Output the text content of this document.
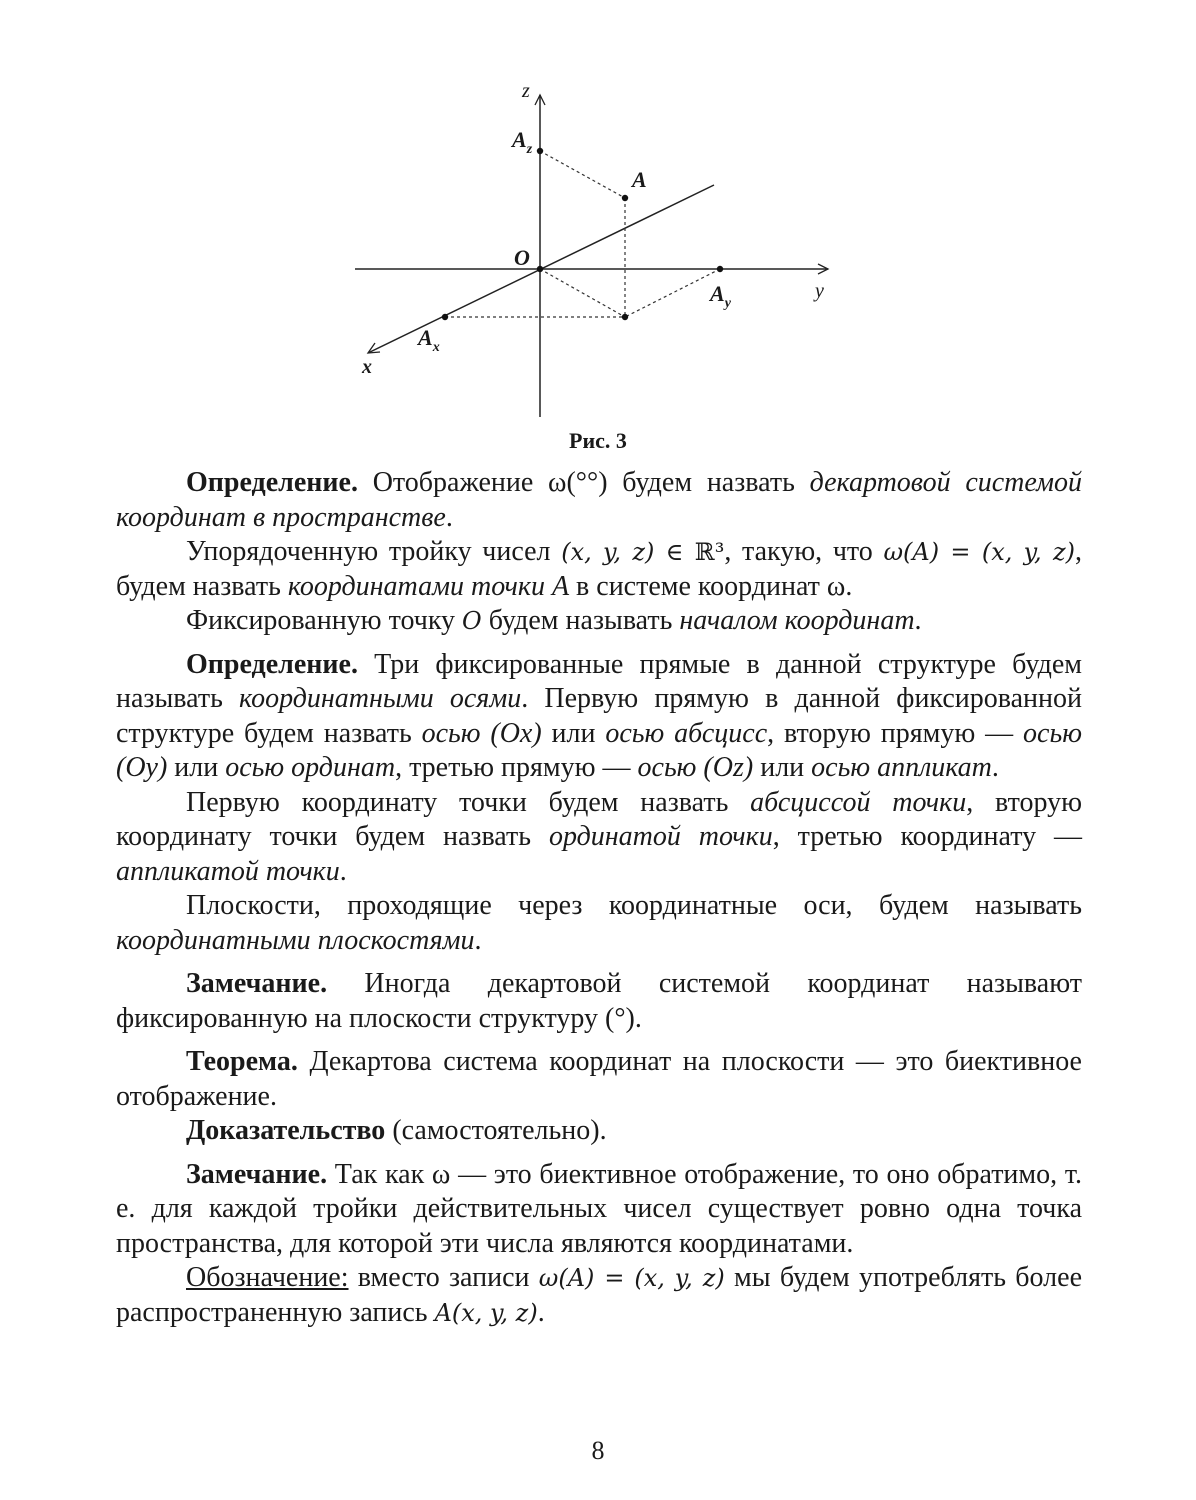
z
$A_z$
A
O
y
$A_y$
$A_x$
x
Рис. 3

Определение. Отображение ω(°°) будем назвать декартовой системой координат в пространстве.

Упорядоченную тройку чисел (x, y, z) ∈ ℝ³, такую, что ω(A) = (x, y, z), будем назвать координатами точки A в системе координат ω.

Фиксированную точку O будем называть началом координат.

Определение. Три фиксированные прямые в данной структуре будем называть координатными осями. Первую прямую в данной фиксированной структуре будем назвать осью (Ox) или осью абсцисс, вторую прямую — осью (Oy) или осью ординат, третью прямую — осью (Oz) или осью аппликат.

Первую координату точки будем назвать абсциссой точки, вторую координату точки будем назвать ординатой точки, третью координату — аппликатой точки.

Плоскости, проходящие через координатные оси, будем называть координатными плоскостями.

Замечание. Иногда декартовой системой координат называют фиксированную на плоскости структуру (°).

Теорема. Декартова система координат на плоскости — это биективное отображение.

Доказательство (самостоятельно).

Замечание. Так как ω — это биективное отображение, то оно обратимо, т. е. для каждой тройки действительных чисел существует ровно одна точка пространства, для которой эти числа являются координатами.

Обозначение: вместо записи ω(A) = (x, y, z) мы будем употреблять более распространенную запись A(x, y, z).

8
